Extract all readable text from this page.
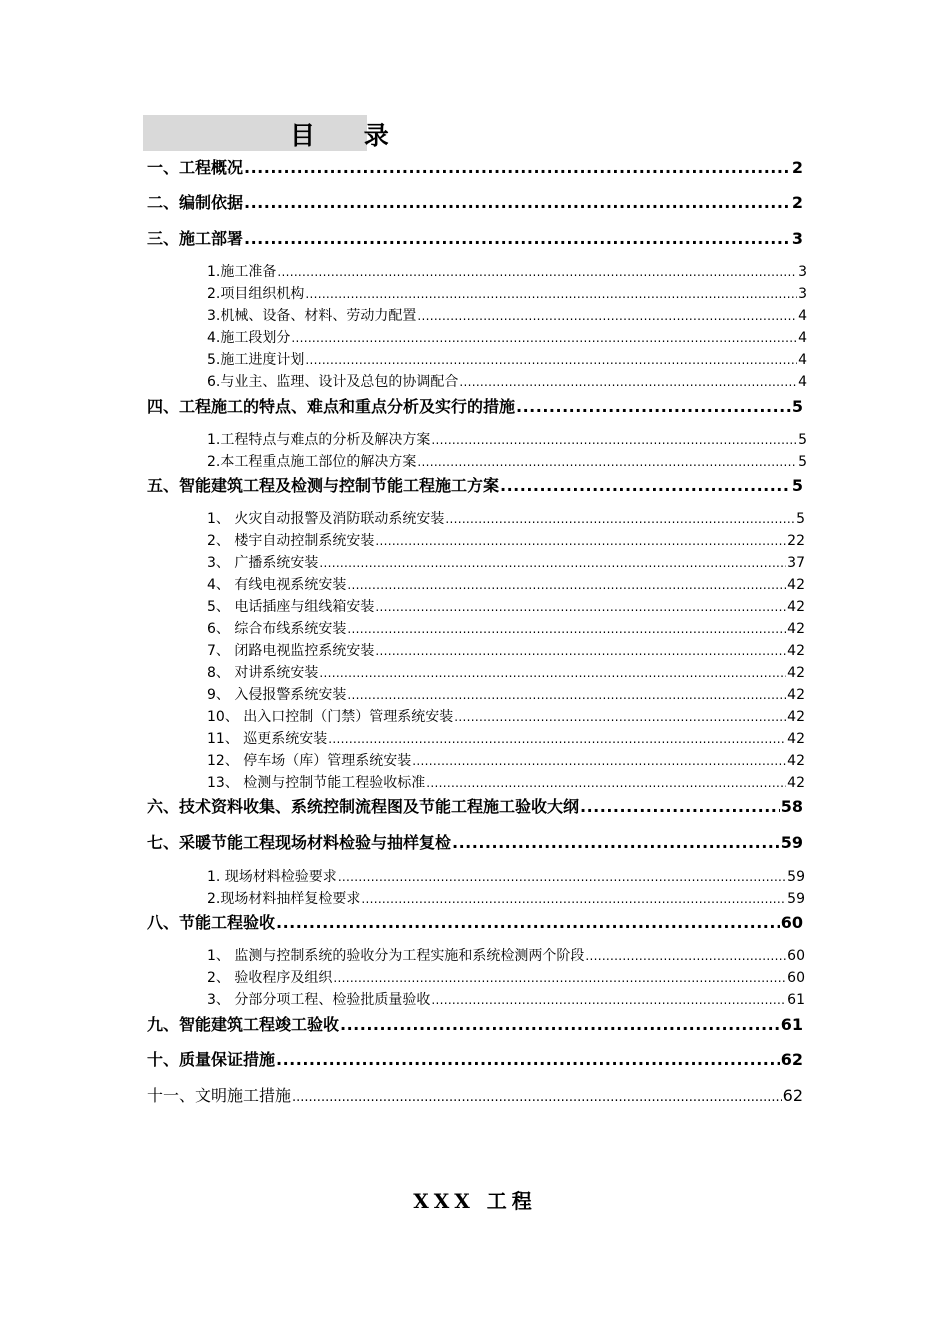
目 录
一、工程概况 .....	2
二、编制依据 .....	2
三、施工部署 .....	3
1.施工准备 .....	3
2.项目组织机构 .....	3
3.机械、设备、材料、劳动力配置 .....	4
4.施工段划分 .....	4
5.施工进度计划 .....	4
6.与业主、监理、设计及总包的协调配合 .....	4
四、工程施工的特点、难点和重点分析及实行的措施 .....	5
1.工程特点与难点的分析及解决方案 .....	5
2.本工程重点施工部位的解决方案 .....	5
五、智能建筑工程及检测与控制节能工程施工方案 .....	5
1、 火灾自动报警及消防联动系统安装 .....	5
2、 楼宇自动控制系统安装 .....	22
3、 广播系统安装 .....	37
4、 有线电视系统安装 .....	42
5、 电话插座与组线箱安装 .....	42
6、 综合布线系统安装 .....	42
7、 闭路电视监控系统安装 .....	42
8、 对讲系统安装 .....	42
9、 入侵报警系统安装 .....	42
10、 出入口控制（门禁）管理系统安装 .....	42
11、 巡更系统安装 .....	42
12、 停车场（库）管理系统安装 .....	42
13、 检测与控制节能工程验收标准 .....	42
六、技术资料收集、系统控制流程图及节能工程施工验收大纲 .....	58
七、采暖节能工程现场材料检验与抽样复检 .....	59
1. 现场材料检验要求 .....	59
2.现场材料抽样复检要求 .....	59
八、节能工程验收 .....	60
1、 监测与控制系统的验收分为工程实施和系统检测两个阶段 .....	60
2、 验收程序及组织 .....	60
3、 分部分项工程、检验批质量验收 .....	61
九、智能建筑工程竣工验收 .....	61
十、质量保证措施 .....	62
十一、文明施工措施 .....	62
XXX 工程
